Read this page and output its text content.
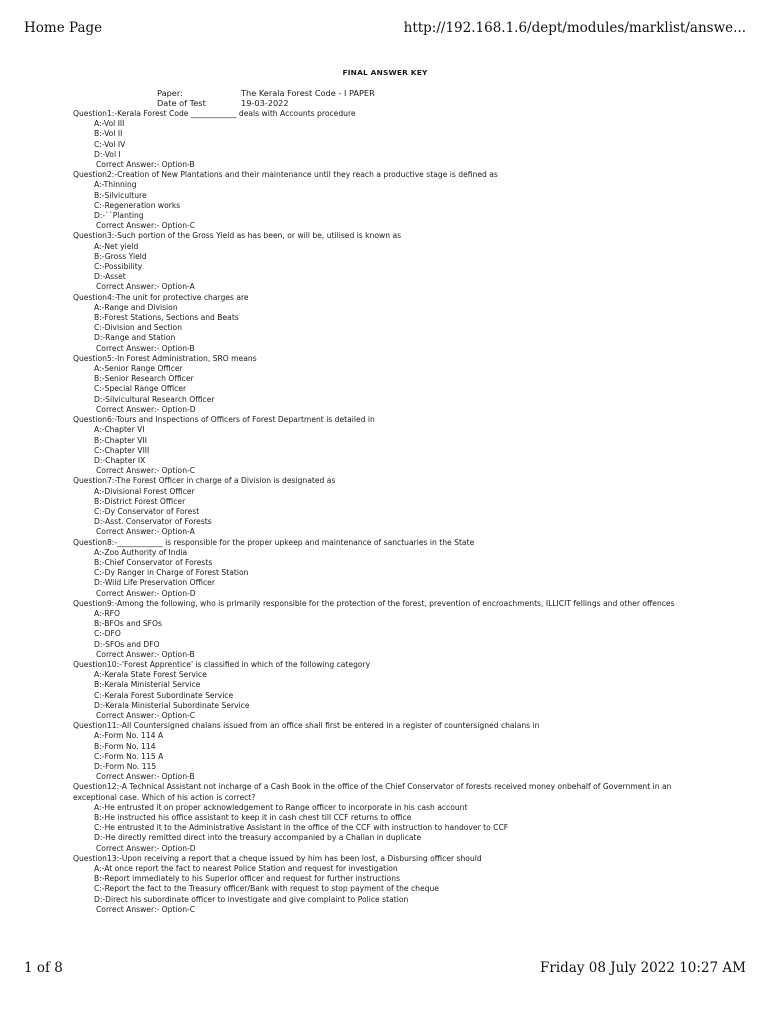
Home Page	http://192.168.1.6/dept/modules/marklist/answe...
FINAL ANSWER KEY
Paper:	The Kerala Forest Code - I PAPER
Date of Test	19-03-2022
Question1:-Kerala Forest Code ____________ deals with Accounts procedure
A:-Vol III
B:-Vol II
C:-Vol IV
D:-Vol I
Correct Answer:- Option-B
Question2:-Creation of New Plantations and their maintenance until they reach a productive stage is defined as
A:-Thinning
B:-Silviculture
C:-Regeneration works
D:-``Planting
Correct Answer:- Option-C
Question3:-Such portion of the Gross Yield as has been, or will be, utilised is known as
A:-Net yield
B:-Gross Yield
C:-Possibility
D:-Asset
Correct Answer:- Option-A
Question4:-The unit for protective charges are
A:-Range and Division
B:-Forest Stations, Sections and Beats
C:-Division and Section
D:-Range and Station
Correct Answer:- Option-B
Question5:-In Forest Administration, SRO means
A:-Senior Range Officer
B:-Senior Research Officer
C:-Special Range Officer
D:-Silvicultural Research Officer
Correct Answer:- Option-D
Question6:-Tours and Inspections of Officers of Forest Department is detailed in
A:-Chapter VI
B:-Chapter VII
C:-Chapter VIII
D:-Chapter IX
Correct Answer:- Option-C
Question7:-The Forest Officer in charge of a Division is designated as
A:-Divisional Forest Officer
B:-District Forest Officer
C:-Dy Conservator of Forest
D:-Asst. Conservator of Forests
Correct Answer:- Option-A
Question8:-____________ is responsible for the proper upkeep and maintenance of sanctuaries in the State
A:-Zoo Authority of India
B:-Chief Conservator of Forests
C:-Dy Ranger in Charge of Forest Station
D:-Wild Life Preservation Officer
Correct Answer:- Option-D
Question9:-Among the following, who is primarily responsible for the protection of the forest, prevention of encroachments, ILLICIT fellings and other offences
A:-RFO
B:-BFOs and SFOs
C:-DFO
D:-SFOs and DFO
Correct Answer:- Option-B
Question10:-'Forest Apprentice' is classified in which of the following category
A:-Kerala State Forest Service
B:-Kerala Ministerial Service
C:-Kerala Forest Subordinate Service
D:-Kerala Ministerial Subordinate Service
Correct Answer:- Option-C
Question11:-All Countersigned chalans issued from an office shall first be entered in a register of countersigned chalans in
A:-Form No. 114 A
B:-Form No. 114
C:-Form No. 115 A
D:-Form No. 115
Correct Answer:- Option-B
Question12:-A Technical Assistant not incharge of a Cash Book in the office of the Chief Conservator of forests received money onbehalf of Government in an exceptional case. Which of his action is correct?
A:-He entrusted it on proper acknowledgement to Range officer to incorporate in his cash account
B:-He instructed his office assistant to keep it in cash chest till CCF returns to office
C:-He entrusted it to the Administrative Assistant in the office of the CCF with instruction to handover to CCF
D:-He directly remitted direct into the treasury accompanied by a Challan in duplicate
Correct Answer:- Option-D
Question13:-Upon receiving a report that a cheque issued by him has been lost, a Disbursing officer should
A:-At once report the fact to nearest Police Station and request for investigation
B:-Report immediately to his Superior officer and request for further instructions
C:-Report the fact to the Treasury officer/Bank with request to stop payment of the cheque
D:-Direct his subordinate officer to investigate and give complaint to Police station
Correct Answer:- Option-C
1 of 8	Friday 08 July 2022 10:27 AM
